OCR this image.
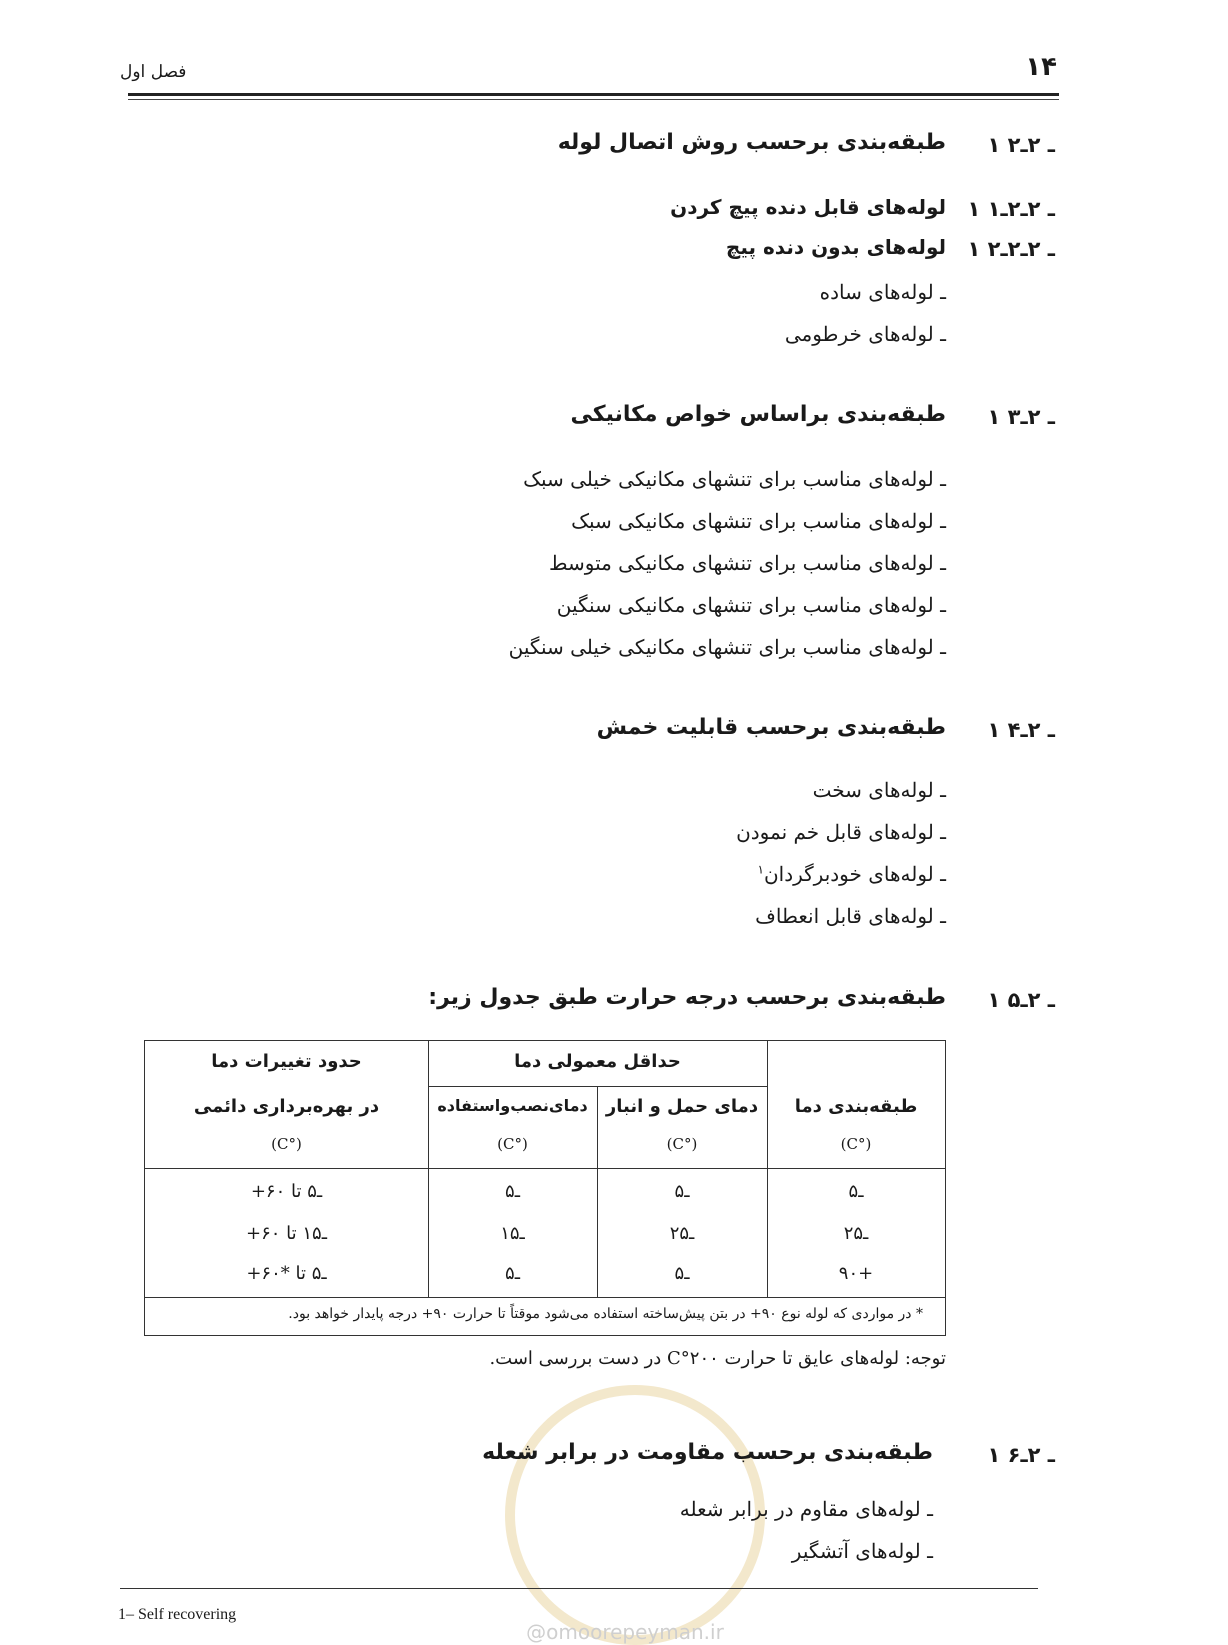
۱۴
فصل اول
۱ ـ ۲ـ۲
طبقه‌بندی برحسب روش اتصال لوله
۱ ـ ۲ـ۲ـ۱
لوله‌های قابل دنده پیچ کردن
۱ ـ ۲ـ۲ـ۲
لوله‌های بدون دنده پیچ
ـ لوله‌های ساده
ـ لوله‌های خرطومی
۱ ـ ۲ـ۳
طبقه‌بندی براساس خواص مکانیکی
ـ لوله‌های مناسب برای تنشهای مکانیکی خیلی سبک
ـ لوله‌های مناسب برای تنشهای مکانیکی سبک
ـ لوله‌های مناسب برای تنشهای مکانیکی متوسط
ـ لوله‌های مناسب برای تنشهای مکانیکی سنگین
ـ لوله‌های مناسب برای تنشهای مکانیکی خیلی سنگین
۱ ـ ۲ـ۴
طبقه‌بندی برحسب قابلیت خمش
ـ لوله‌های سخت
ـ لوله‌های قابل خم نمودن
ـ لوله‌های خودبرگردان$^۱$
ـ لوله‌های قابل انعطاف
۱ ـ ۲ـ۵
طبقه‌بندی برحسب درجه حرارت طبق جدول زیر:
حدود تغییرات دما
در بهره‌برداری دائمی
(C°)
حداقل معمولی دما
دمای‌نصب‌واستفاده
(C°)
دمای حمل و انبار
(C°)
طبقه‌بندی دما
(C°)
ـ۵
ـ۵
ـ۵
ـ۵ تا ۶۰+
ـ۲۵
ـ۲۵
ـ۱۵
ـ۱۵ تا ۶۰+
۹۰+
ـ۵
ـ۵
ـ۵ تا *۶۰+
* در مواردی که لوله نوع ۹۰+ در بتن پیش‌ساخته استفاده می‌شود موقتاً تا حرارت ۹۰+ درجه پایدار خواهد بود.
توجه: لوله‌های عایق تا حرارت ۲۰۰°C در دست بررسی است.
۱ ـ ۲ـ۶
طبقه‌بندی برحسب مقاومت در برابر شعله
ـ لوله‌های مقاوم در برابر شعله
ـ لوله‌های آتشگیر
1– Self recovering
@omoorepeyman.ir
